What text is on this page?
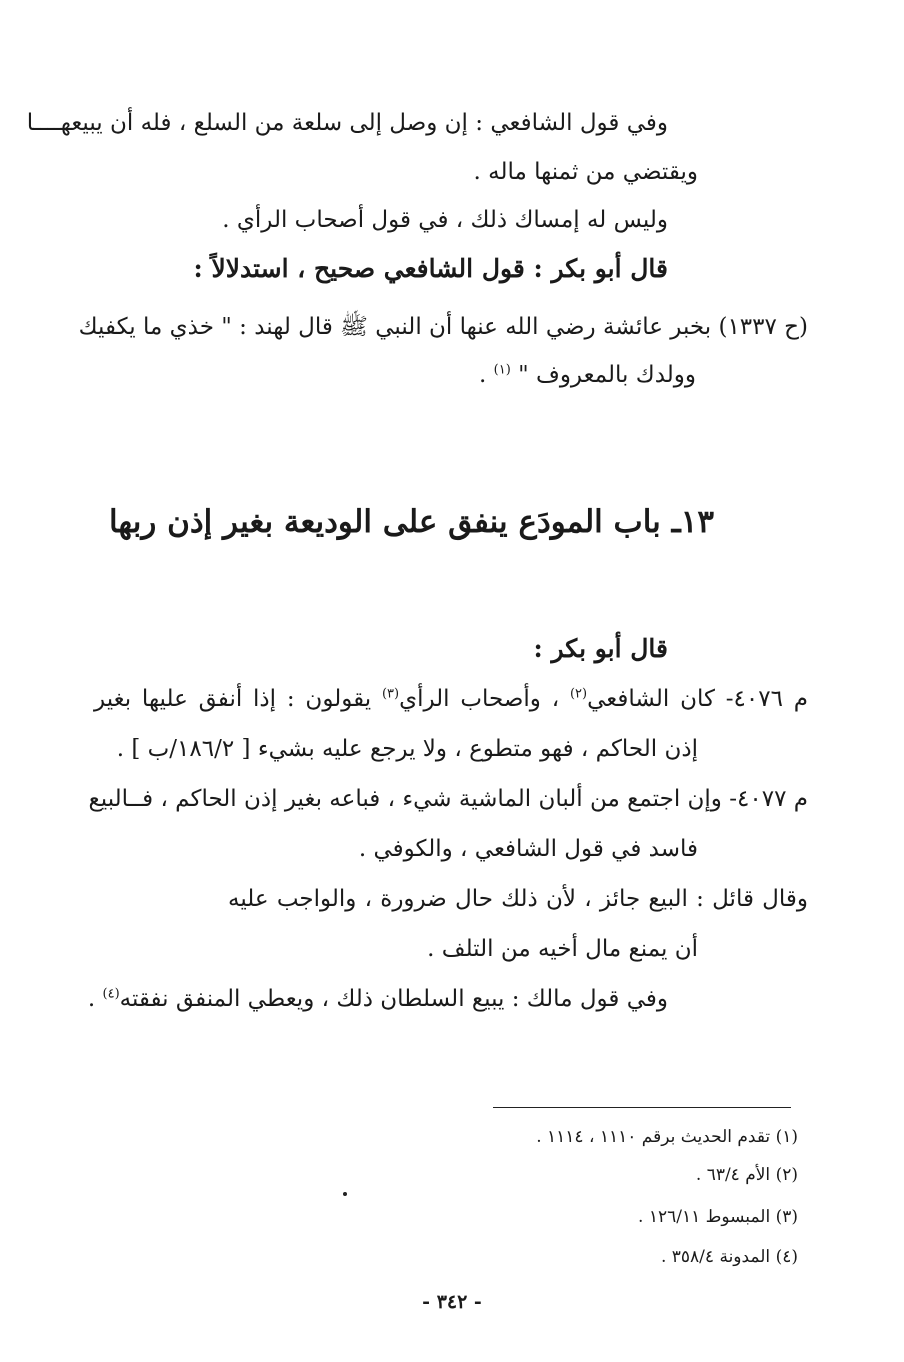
وفي قول الشافعي : إن وصل إلى سلعة من السلع ، فله أن يبيعهــــا
ويقتضي من ثمنها ماله .
وليس له إمساك ذلك ، في قول أصحاب الرأي .
قال أبو بكر : قول الشافعي صحيح ، استدلالاً :
(ح ١٣٣٧) بخبر عائشة رضي الله عنها أن النبي ﷺ قال لهند : " خذي ما يكفيك
وولدك بالمعروف " $^{(١)}$ .
١٣ـ باب المودَع ينفق على الوديعة بغير إذن ربها
قال أبو بكر :
م ٤٠٧٦- كان الشافعي$^{(٢)}$ ، وأصحاب الرأي$^{(٣)}$ يقولون : إذا أنفق عليها بغير
إذن الحاكم ، فهو متطوع ، ولا يرجع عليه بشيء [ ١٨٦/٢/ب ] .
م ٤٠٧٧- وإن اجتمع من ألبان الماشية شيء ، فباعه بغير إذن الحاكم ، فــالبيع
فاسد في قول الشافعي ، والكوفي .
وقال قائل : البيع جائز ، لأن ذلك حال ضرورة ، والواجب عليه
أن يمنع مال أخيه من التلف .
وفي قول مالك : يبيع السلطان ذلك ، ويعطي المنفق نفقته$^{(٤)}$ .
(١) تقدم الحديث برقم ١١١٠ ، ١١١٤ .
(٢) الأم ٦٣/٤ .
(٣) المبسوط ١٢٦/١١ .
(٤) المدونة ٣٥٨/٤ .
- ٣٤٢ -
